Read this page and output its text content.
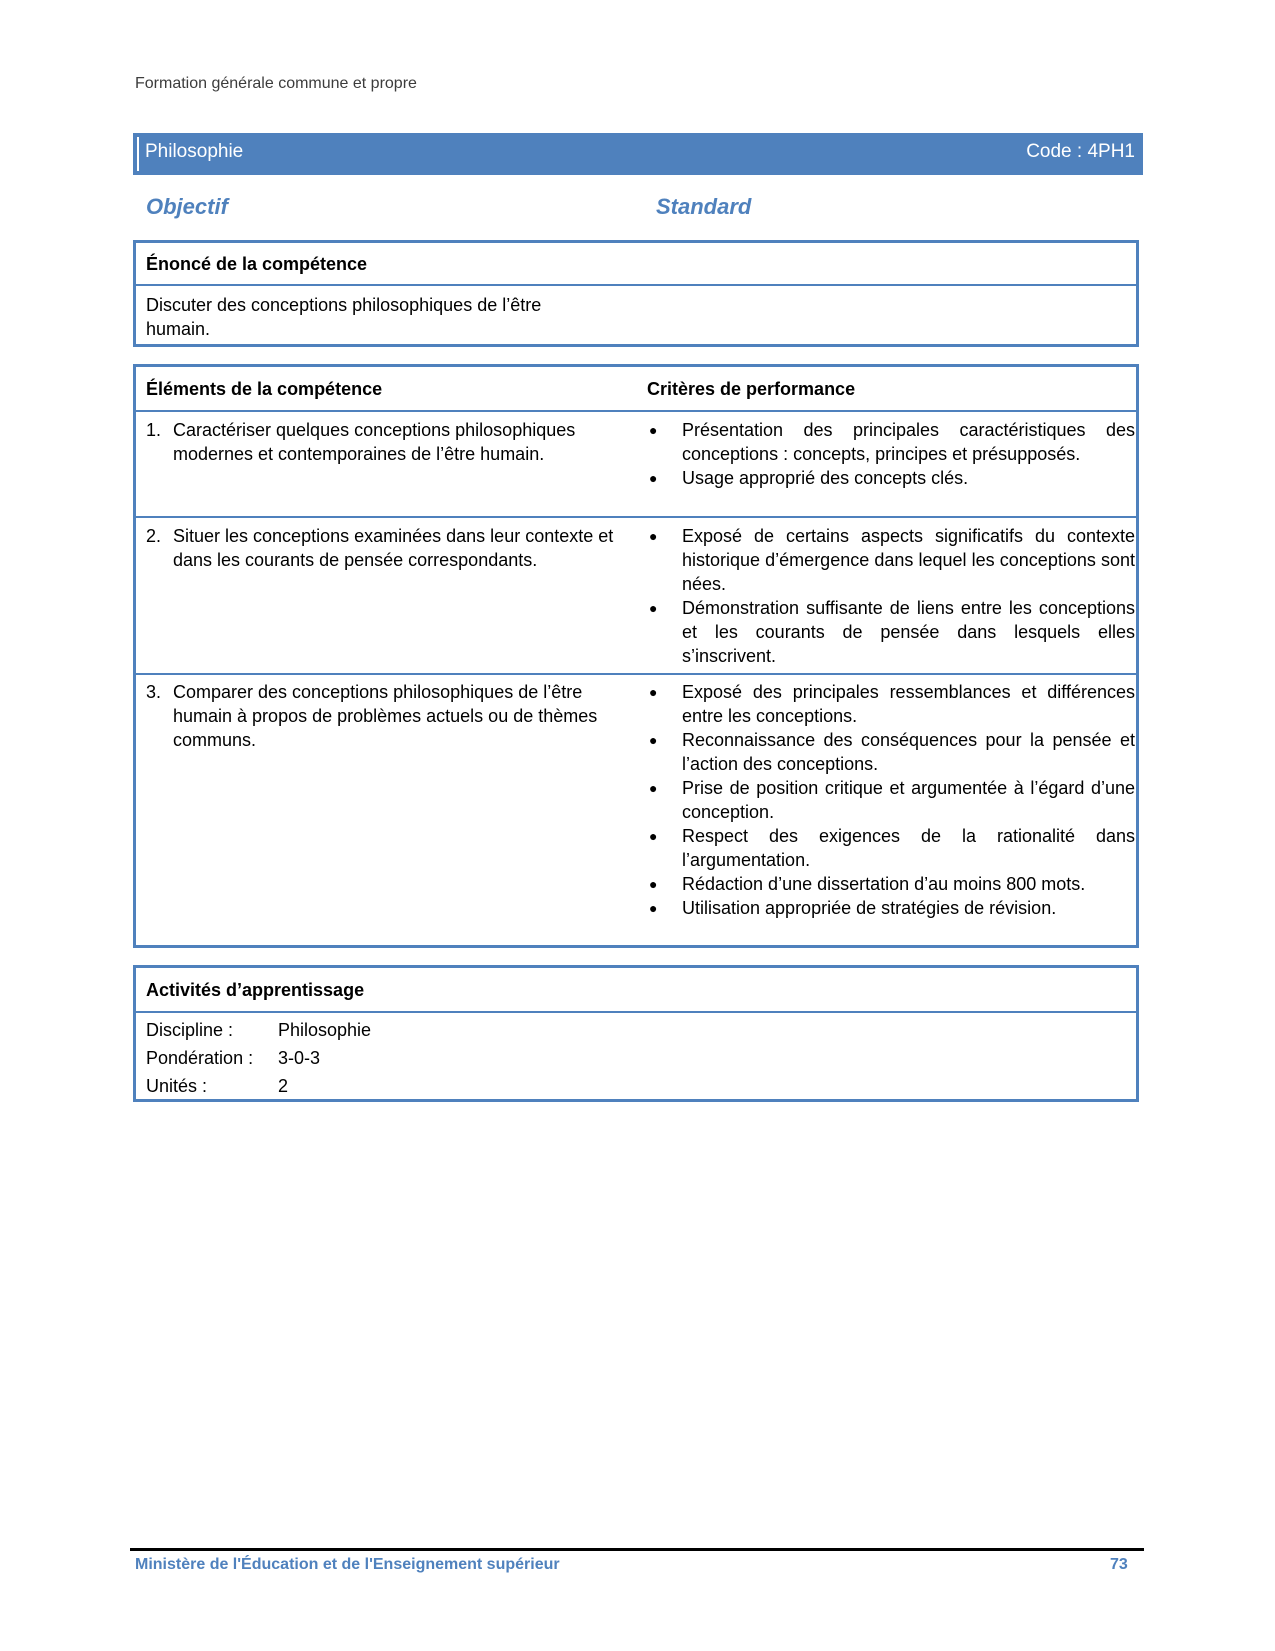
Formation générale commune et propre
Philosophie	Code : 4PH1
Objectif	Standard
Énoncé de la compétence
Discuter des conceptions philosophiques de l’être humain.
Éléments de la compétence	Critères de performance
1. Caractériser quelques conceptions philosophiques modernes et contemporaines de l’être humain.
● Présentation des principales caractéristiques des conceptions : concepts, principes et présupposés.
● Usage approprié des concepts clés.
2. Situer les conceptions examinées dans leur contexte et dans les courants de pensée correspondants.
● Exposé de certains aspects significatifs du contexte historique d’émergence dans lequel les conceptions sont nées.
● Démonstration suffisante de liens entre les conceptions et les courants de pensée dans lesquels elles s’inscrivent.
3. Comparer des conceptions philosophiques de l’être humain à propos de problèmes actuels ou de thèmes communs.
● Exposé des principales ressemblances et différences entre les conceptions.
● Reconnaissance des conséquences pour la pensée et l’action des conceptions.
● Prise de position critique et argumentée à l’égard d’une conception.
● Respect des exigences de la rationalité dans l’argumentation.
● Rédaction d’une dissertation d’au moins 800 mots.
● Utilisation appropriée de stratégies de révision.
Activités d’apprentissage
Discipline : Philosophie
Pondération : 3-0-3
Unités :	2
Ministère de l'Éducation et de l'Enseignement supérieur	73
